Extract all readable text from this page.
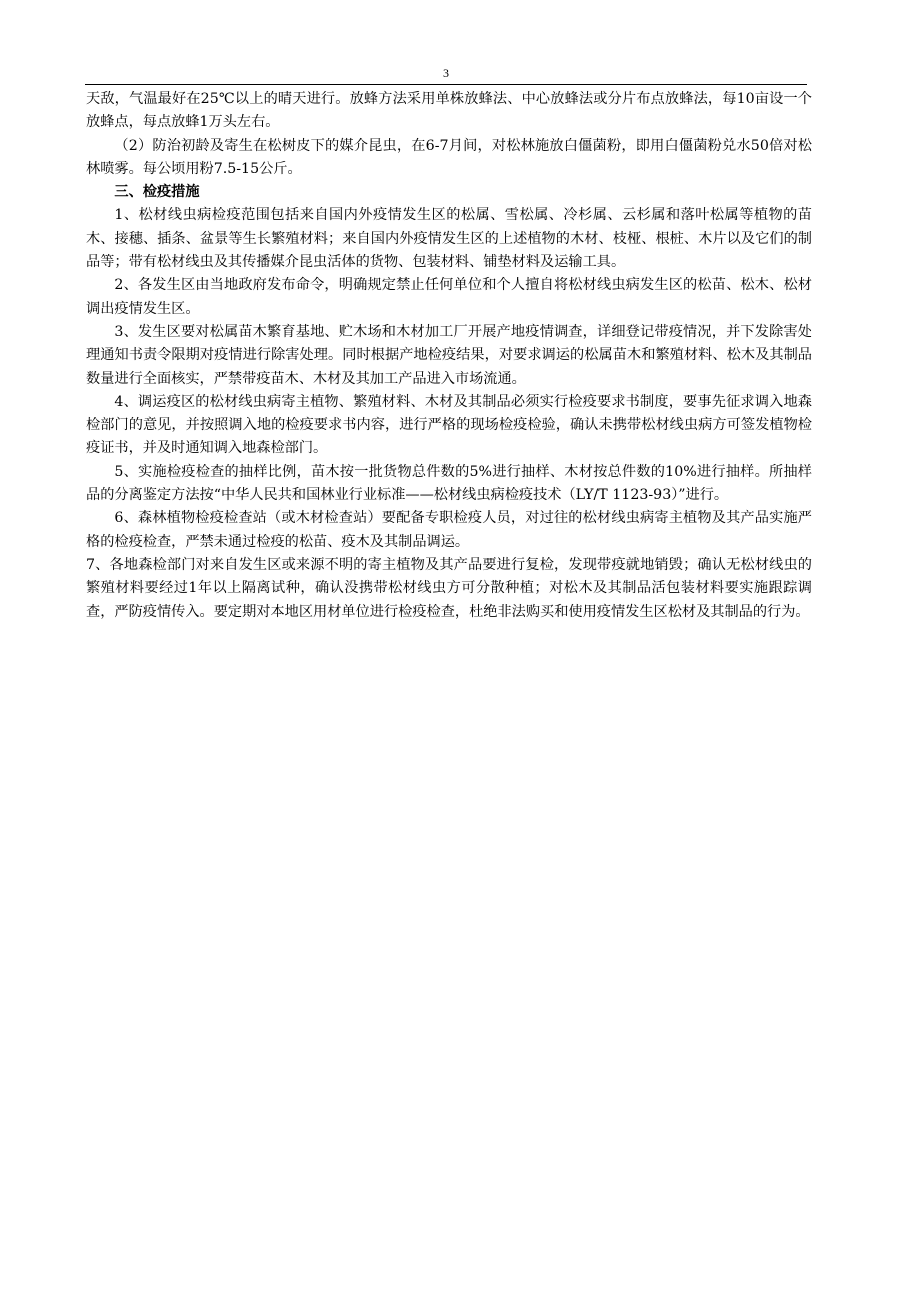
3

天敌，气温最好在25℃以上的晴天进行。放蜂方法采用单株放蜂法、中心放蜂法或分片布点放蜂法，每10亩设一个放蜂点，每点放蜂1万头左右。

（2）防治初龄及寄生在松树皮下的媒介昆虫，在6-7月间，对松林施放白僵菌粉，即用白僵菌粉兑水50倍对松林喷雾。每公顷用粉7.5-15公斤。

三、检疫措施

1、松材线虫病检疫范围包括来自国内外疫情发生区的松属、雪松属、冷杉属、云杉属和落叶松属等植物的苗木、接穗、插条、盆景等生长繁殖材料；来自国内外疫情发生区的上述植物的木材、枝桠、根桩、木片以及它们的制品等；带有松材线虫及其传播媒介昆虫活体的货物、包装材料、铺垫材料及运输工具。

2、各发生区由当地政府发布命令，明确规定禁止任何单位和个人擅自将松材线虫病发生区的松苗、松木、松材调出疫情发生区。

3、发生区要对松属苗木繁育基地、贮木场和木材加工厂开展产地疫情调查，详细登记带疫情况，并下发除害处理通知书责令限期对疫情进行除害处理。同时根据产地检疫结果，对要求调运的松属苗木和繁殖材料、松木及其制品数量进行全面核实，严禁带疫苗木、木材及其加工产品进入市场流通。

4、调运疫区的松材线虫病寄主植物、繁殖材料、木材及其制品必须实行检疫要求书制度，要事先征求调入地森检部门的意见，并按照调入地的检疫要求书内容，进行严格的现场检疫检验，确认未携带松材线虫病方可签发植物检疫证书，并及时通知调入地森检部门。

5、实施检疫检查的抽样比例，苗木按一批货物总件数的5%进行抽样、木材按总件数的10%进行抽样。所抽样品的分离鉴定方法按“中华人民共和国林业行业标准——松材线虫病检疫技术（LY/T 1123-93）”进行。

6、森林植物检疫检查站（或木材检查站）要配备专职检疫人员，对过往的松材线虫病寄主植物及其产品实施严格的检疫检查，严禁未通过检疫的松苗、疫木及其制品调运。

7、各地森检部门对来自发生区或来源不明的寄主植物及其产品要进行复检，发现带疫就地销毁；确认无松材线虫的繁殖材料要经过1年以上隔离试种，确认没携带松材线虫方可分散种植；对松木及其制品活包装材料要实施跟踪调查，严防疫情传入。要定期对本地区用材单位进行检疫检查，杜绝非法购买和使用疫情发生区松材及其制品的行为。
